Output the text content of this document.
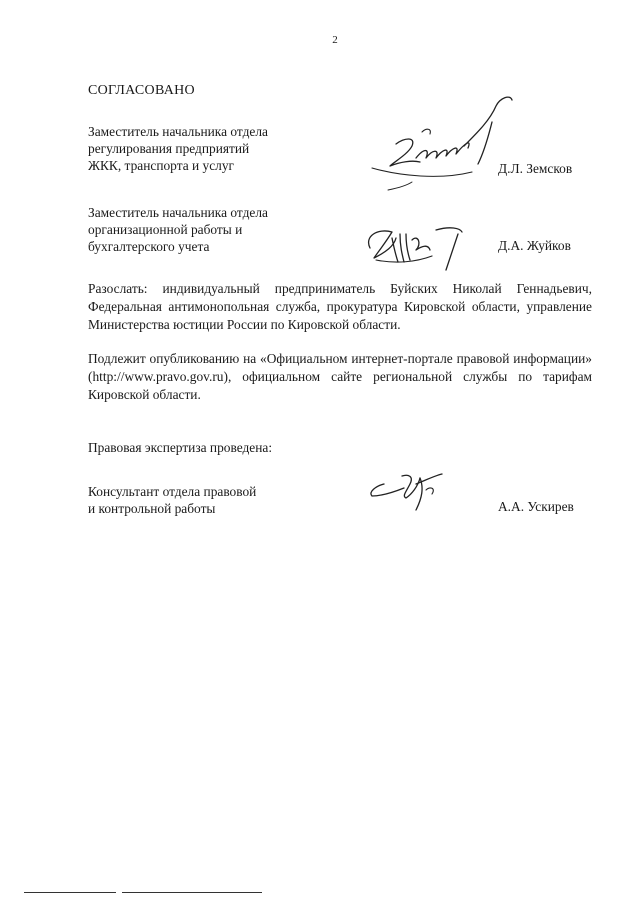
2
СОГЛАСОВАНО
Заместитель начальника отдела
регулирования предприятий
ЖКК, транспорта и услуг	Д.Л. Земсков
Заместитель начальника отдела
организационной работы и
бухгалтерского учета	Д.А. Жуйков
Разослать: индивидуальный предприниматель Буйских Николай Геннадьевич, Федеральная антимонопольная служба, прокуратура Кировской области, управление Министерства юстиции России по Кировской области.
Подлежит опубликованию на «Официальном интернет-портале правовой информации» (http://www.pravo.gov.ru), официальном сайте региональной службы по тарифам Кировской области.
Правовая экспертиза проведена:
Консультант отдела правовой
и контрольной работы	А.А. Ускирев
